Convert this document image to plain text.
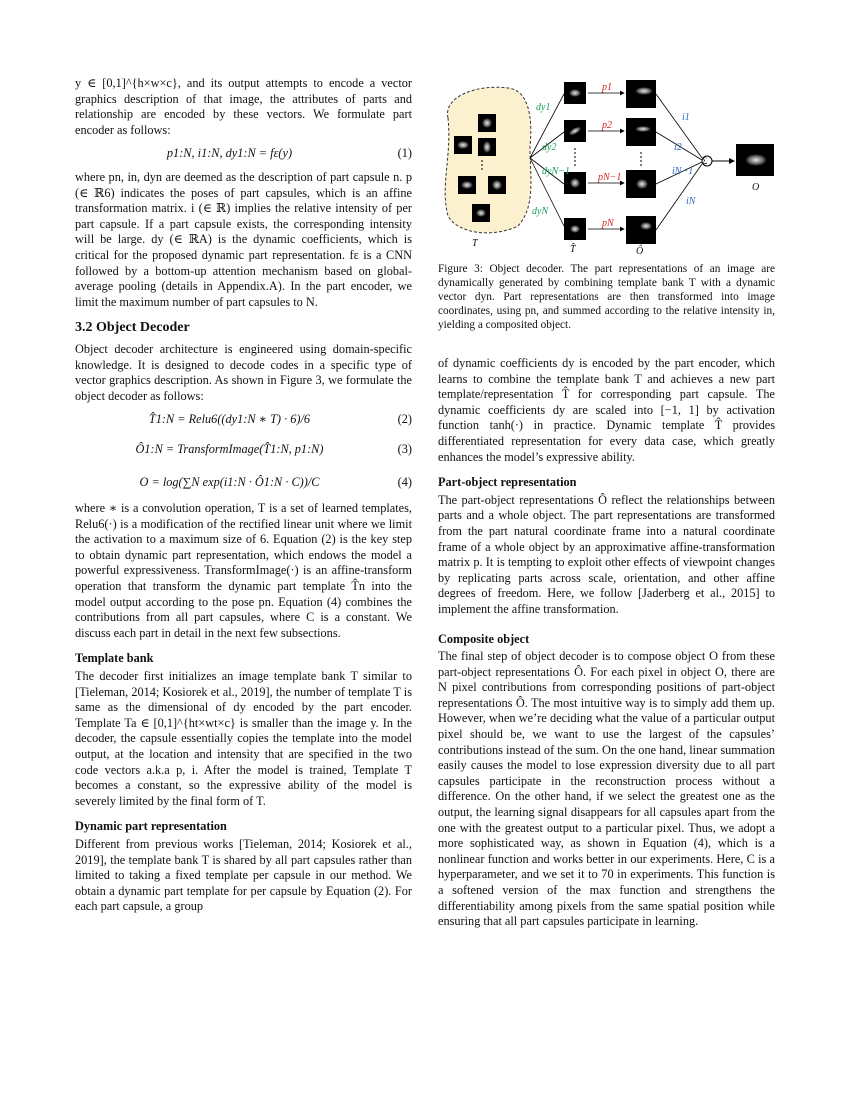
y ∈ [0,1]^{h×w×c}, and its output attempts to encode a vector graphics description of that image, the attributes of parts and relationship are encoded by these vectors. We formulate part encoder as follows:

p1:N, i1:N, dy1:N = fε(y)	(1)

where pn, in, dyn are deemed as the description of part capsule n. p (∈ ℝ6) indicates the poses of part capsules, which is an affine transformation matrix. i (∈ ℝ) implies the relative intensity of per part capsule. If a part capsule exists, the corresponding intensity will be large. dy (∈ ℝA) is the dynamic coefficients, which is critical for the proposed dynamic part representation. fε is a CNN followed by a bottom-up attention mechanism based on global-average pooling (details in Appendix.A). In the part encoder, we limit the maximum number of part capsules to N.

3.2 Object Decoder

Object decoder architecture is engineered using domain-specific knowledge. It is designed to decode codes in a specific type of vector graphics description. As shown in Figure 3, we formulate the object decoder as follows:

T̂1:N = Relu6((dy1:N ∗ T) · 6)/6	(2)
Ô1:N = TransformImage(T̂1:N, p1:N)	(3)
O = log(∑N exp(i1:N · Ô1:N · C))/C	(4)

where ∗ is a convolution operation, T is a set of learned templates, Relu6(·) is a modification of the rectified linear unit where we limit the activation to a maximum size of 6. Equation (2) is the key step to obtain dynamic part representation, which endows the model a powerful expressiveness. TransformImage(·) is an affine-transform operation that transform the dynamic part template T̂n into the model output according to the pose pn. Equation (4) combines the contributions from all part capsules, where C is a constant. We discuss each part in detail in the next few subsections.

Template bank

The decoder first initializes an image template bank T similar to [Tieleman, 2014; Kosiorek et al., 2019], the number of template T is same as the dimensional of dy encoded by the part encoder. Template Ta ∈ [0,1]^{ht×wt×c} is smaller than the image y. In the decoder, the capsule essentially copies the template into the model output, at the location and intensity that are specified in the two code vectors a.k.a p, i. After the model is trained, Template T becomes a constant, so the expressive ability of the model is severely limited by the final form of T.

Dynamic part representation

Different from previous works [Tieleman, 2014; Kosiorek et al., 2019], the template bank T is shared by all part capsules rather than limited to taking a fixed template per capsule in our method. We obtain a dynamic part template for per capsule by Equation (2). For each part capsule, a group

dy1
dy2
dyN−1
dyN
p1
p2
pN−1
pN
i1
i2
iN−1
iN
Σ
T
T̂	Ô
O

Figure 3: Object decoder. The part representations of an image are dynamically generated by combining template bank T with a dynamic vector dyn. Part representations are then transformed into image coordinates, using pn, and summed according to the relative intensity in, yielding a composited object.

of dynamic coefficients dy is encoded by the part encoder, which learns to combine the template bank T and achieves a new part template/representation T̂ for corresponding part capsule. The dynamic coefficients dy are scaled into [−1, 1] by activation function tanh(·) in practice. Dynamic template T̂ provides differentiated representation for every data case, which greatly enhances the model’s expressive ability.

Part-object representation

The part-object representations Ô reflect the relationships between parts and a whole object. The part representations are transformed from the part natural coordinate frame into a natural coordinate frame of a whole object by an approximative affine-transformation matrix p. It is tempting to exploit other effects of viewpoint changes by replicating parts across scale, orientation, and other affine degrees of freedom. Here, we follow [Jaderberg et al., 2015] to implement the affine transformation.

Composite object

The final step of object decoder is to compose object O from these part-object representations Ô. For each pixel in object O, there are N pixel contributions from corresponding positions of part-object representations Ô. The most intuitive way is to simply add them up. However, when we’re deciding what the value of a particular output pixel should be, we want to use the largest of the capsules’ contributions instead of the sum. On the one hand, linear summation easily causes the model to lose expression diversity due to all part capsules participate in the reconstruction process without a difference. On the other hand, if we select the greatest one as the output, the learning signal disappears for all capsules apart from the one with the greatest output to a particular pixel. Thus, we adopt a more sophisticated way, as shown in Equation (4), which is a nonlinear function and works better in our experiments. Here, C is a hyperparameter, and we set it to 70 in experiments. This function is a softened version of the max function and strengthens the differentiability among pixels from the same spatial position while ensuring that all part capsules participate in learning.
